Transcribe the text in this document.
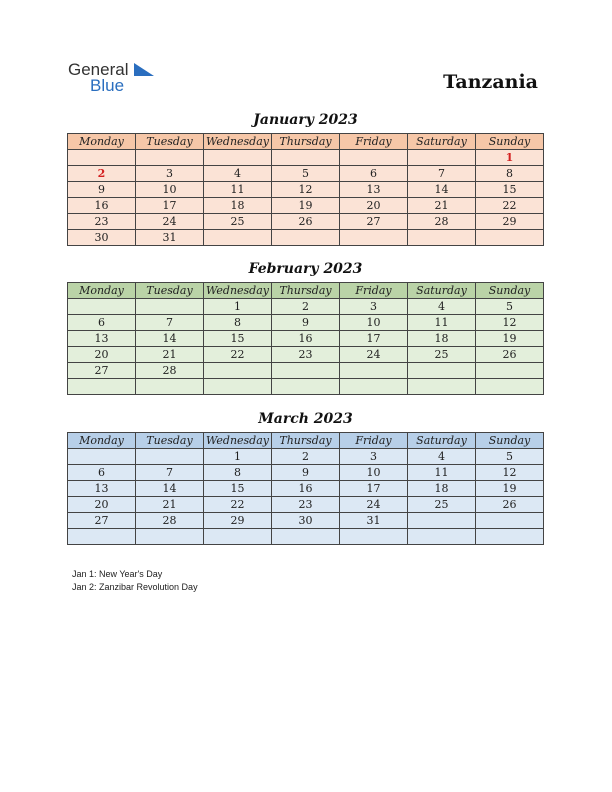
General
Blue	Tanzania
January 2023
Monday	Tuesday	Wednesday	Thursday	Friday	Saturday	Sunday
						1
2	3	4	5	6	7	8
9	10	11	12	13	14	15
16	17	18	19	20	21	22
23	24	25	26	27	28	29
30	31					
February 2023
Monday	Tuesday	Wednesday	Thursday	Friday	Saturday	Sunday
		1	2	3	4	5
6	7	8	9	10	11	12
13	14	15	16	17	18	19
20	21	22	23	24	25	26
27	28					

March 2023
Monday	Tuesday	Wednesday	Thursday	Friday	Saturday	Sunday
		1	2	3	4	5
6	7	8	9	10	11	12
13	14	15	16	17	18	19
20	21	22	23	24	25	26
27	28	29	30	31		

Jan 1: New Year's Day
Jan 2: Zanzibar Revolution Day
